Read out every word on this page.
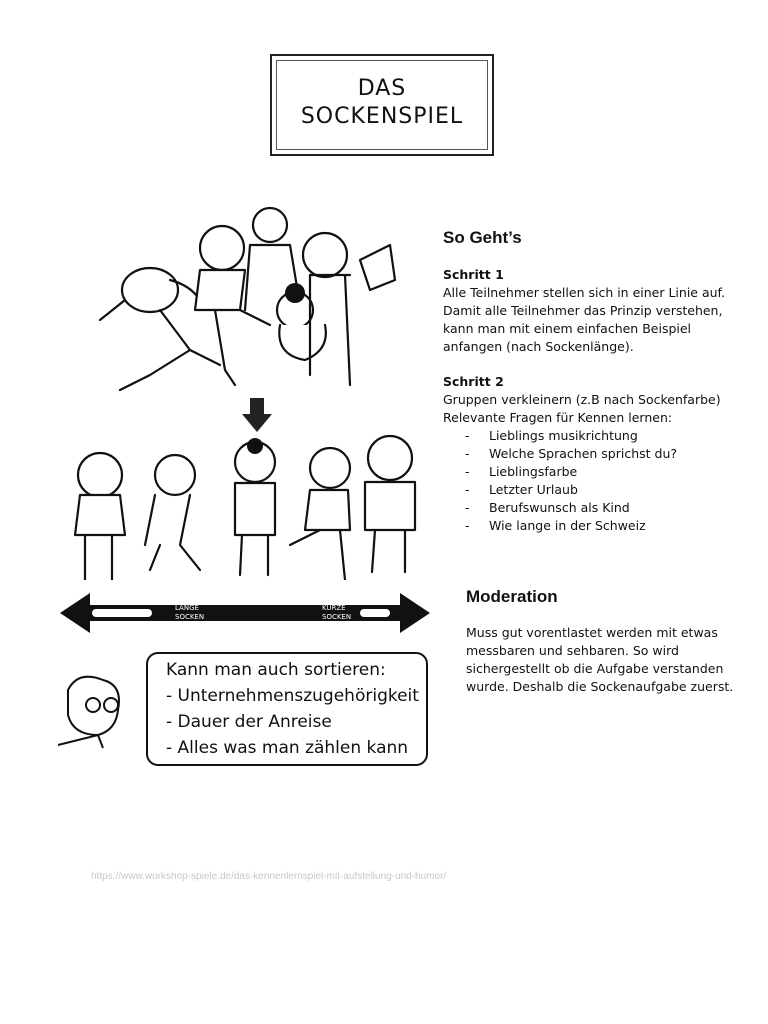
DAS
SOCKENSPIEL
LANGE
SOCKEN
KURZE
SOCKEN
Kann man auch sortieren:
- Unternehmenszugehörigkeit
- Dauer der Anreise
- Alles was man zählen kann
So Geht’s
Schritt 1
Alle Teilnehmer stellen sich in einer Linie auf.
Damit alle Teilnehmer das Prinzip verstehen,
kann man mit einem einfachen Beispiel
anfangen (nach Sockenlänge).
Schritt 2
Gruppen verkleinern (z.B nach Sockenfarbe)
Relevante Fragen für Kennen lernen:
- Lieblings musikrichtung
- Welche Sprachen sprichst du?
- Lieblingsfarbe
- Letzter Urlaub
- Berufswunsch als Kind
- Wie lange in der Schweiz
Moderation
Muss gut vorentlastet werden mit etwas
messbaren und sehbaren. So wird
sichergestellt ob die Aufgabe verstanden
wurde. Deshalb die Sockenaufgabe zuerst.
https://www.workshop-spiele.de/das-kennenlernspiel-mit-aufstellung-und-humor/
